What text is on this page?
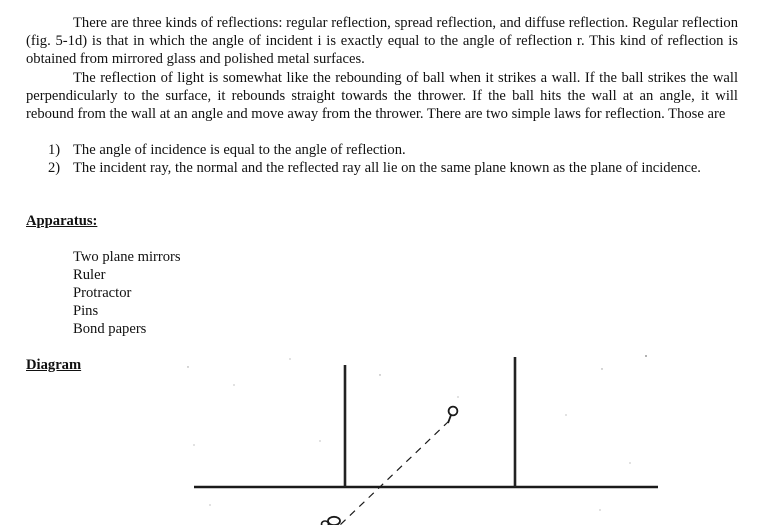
There are three kinds of reflections: regular reflection, spread reflection, and diffuse reflection. Regular reflection (fig. 5-1d) is that in which the angle of incident i is exactly equal to the angle of reflection r. This kind of reflection is obtained from mirrored glass and polished metal surfaces.

The reflection of light is somewhat like the rebounding of ball when it strikes a wall. If the ball strikes the wall perpendicularly to the surface, it rebounds straight towards the thrower. If the ball hits the wall at an angle, it will rebound from the wall at an angle and move away from the thrower. There are two simple laws for reflection. Those are

1) The angle of incidence is equal to the angle of reflection.
2) The incident ray, the normal and the reflected ray all lie on the same plane known as the plane of incidence.
Apparatus:
Two plane mirrors
Ruler
Protractor
Pins
Bond papers
Diagram
